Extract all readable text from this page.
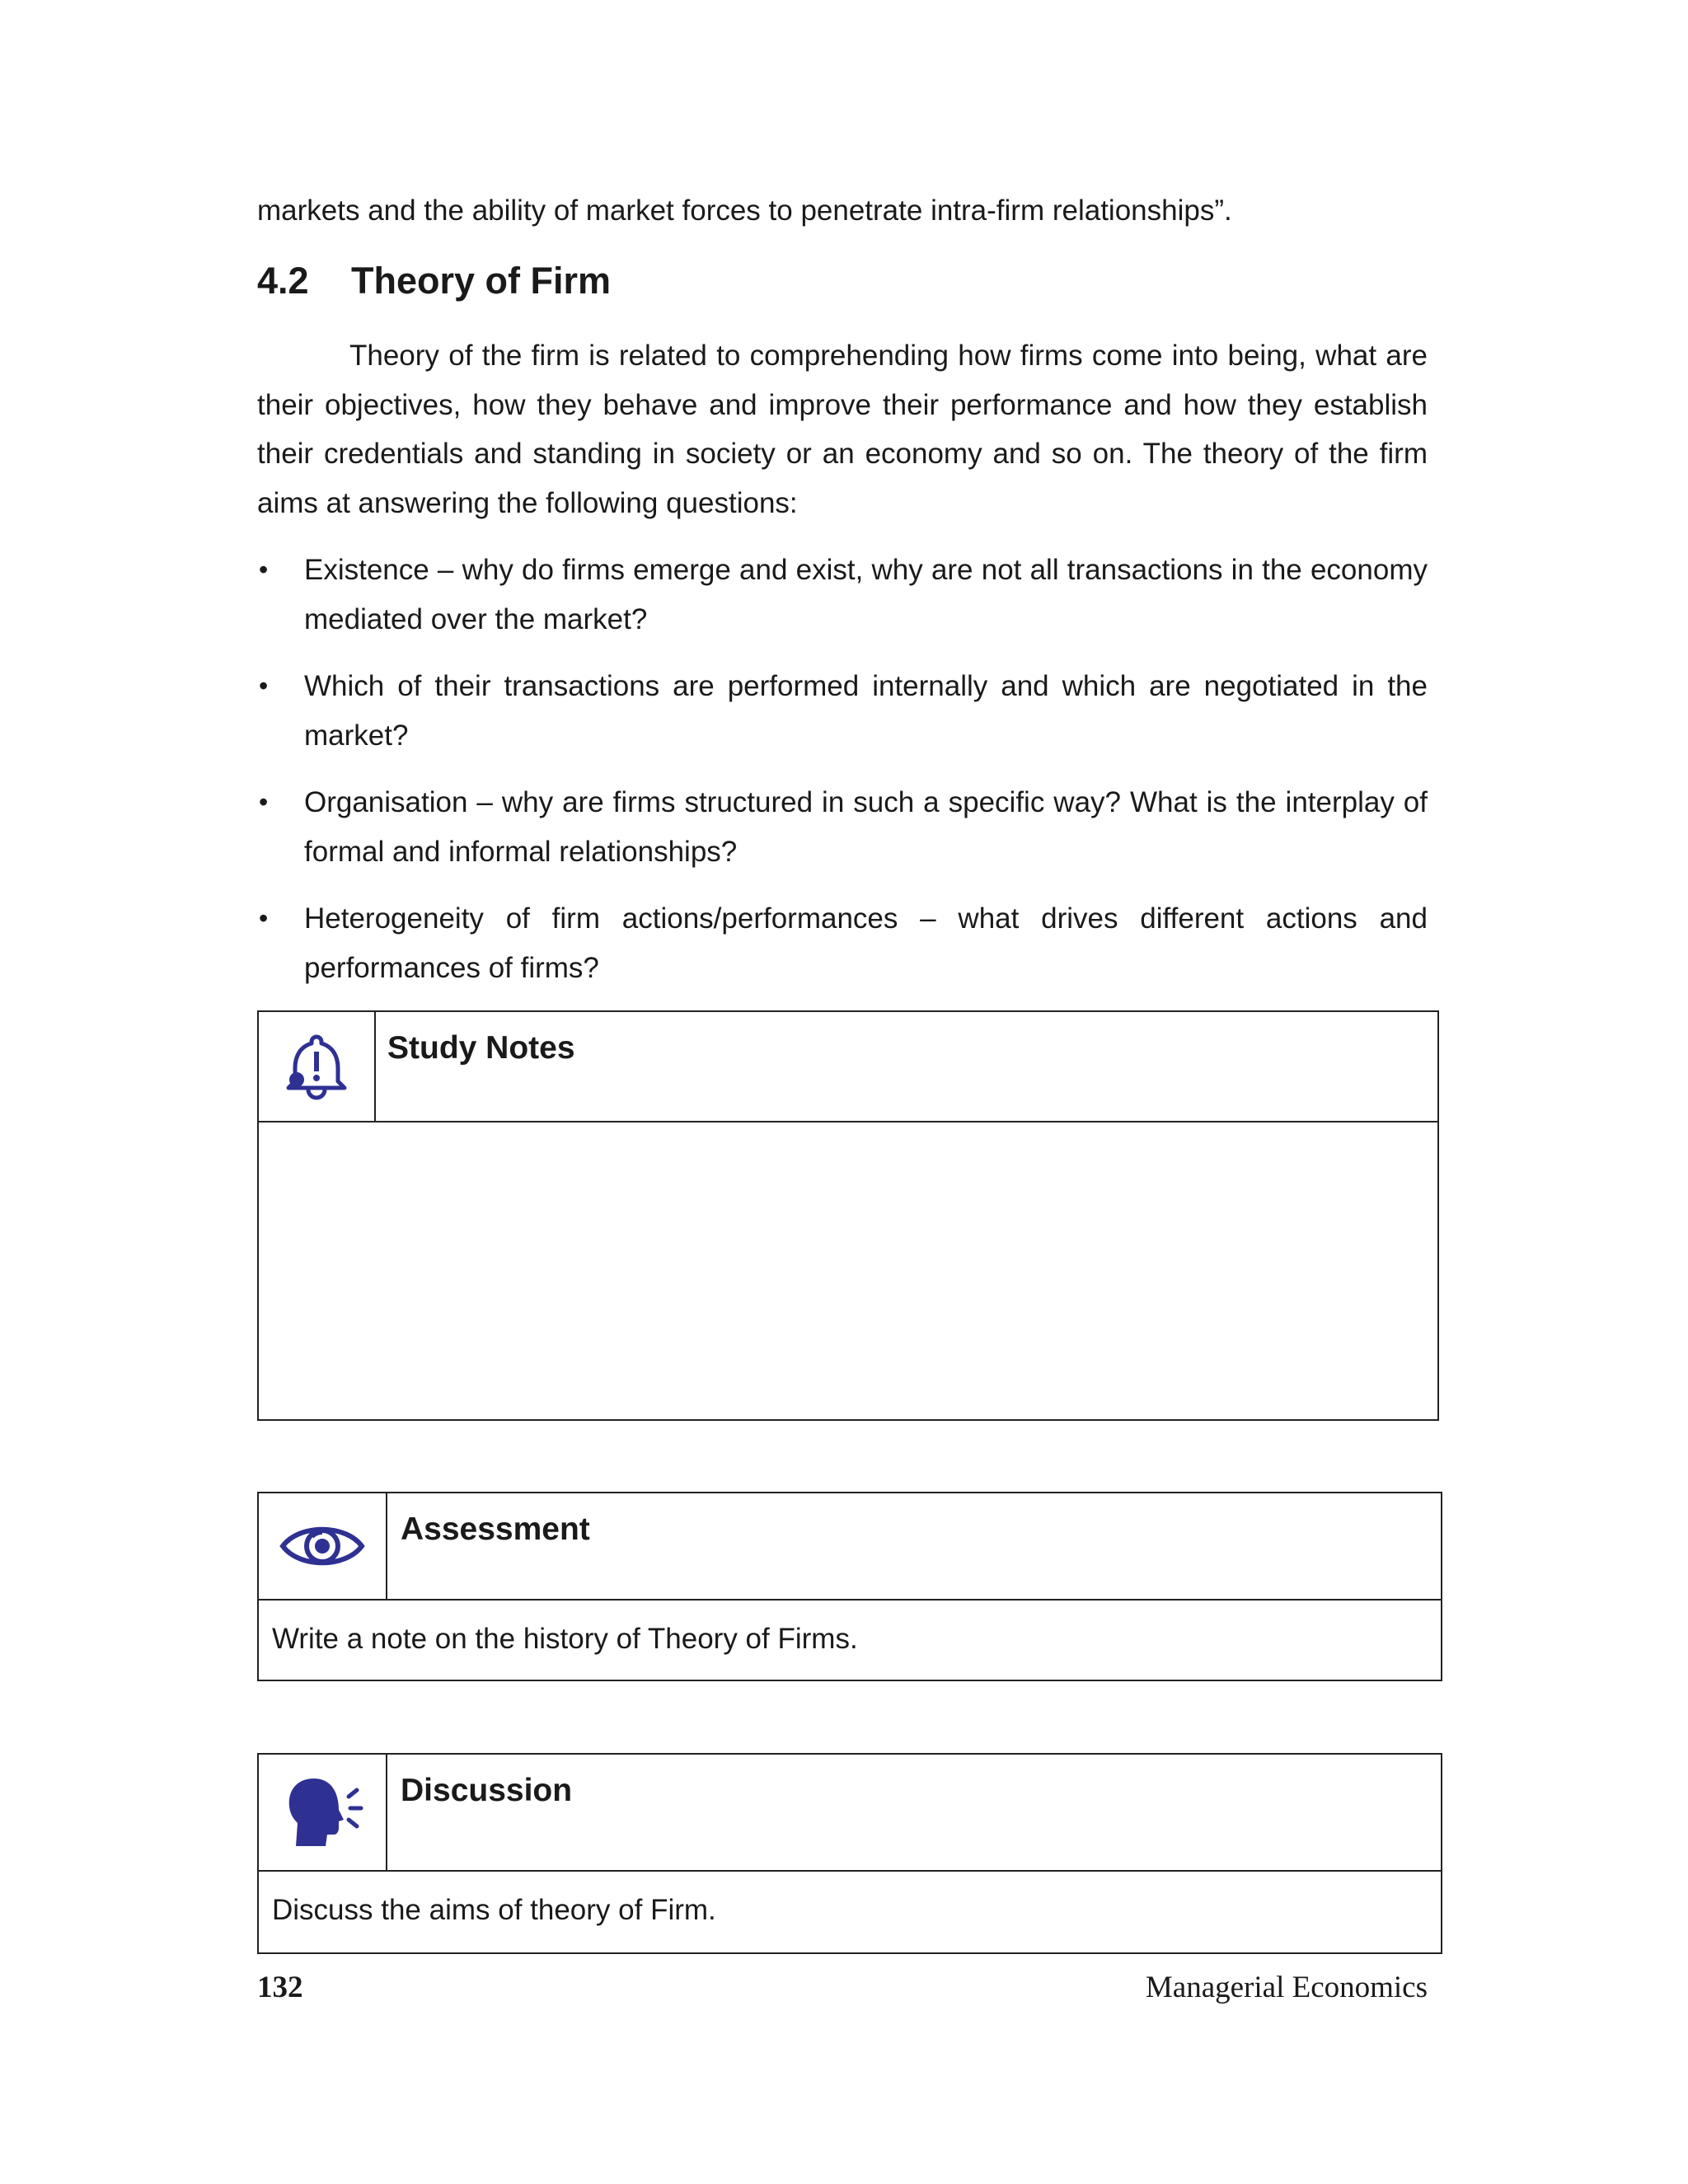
markets and the ability of market forces to penetrate intra-firm relationships”.

4.2 Theory of Firm

Theory of the firm is related to comprehending how firms come into being, what are their objectives, how they behave and improve their performance and how they establish their credentials and standing in society or an economy and so on. The theory of the firm aims at answering the following questions:

• Existence – why do firms emerge and exist, why are not all transactions in the economy mediated over the market?
• Which of their transactions are performed internally and which are negotiated in the market?
• Organisation – why are firms structured in such a specific way? What is the interplay of formal and informal relationships?
• Heterogeneity of firm actions/performances – what drives different actions and performances of firms?
Study Notes
Assessment
Write a note on the history of Theory of Firms.
Discussion
Discuss the aims of theory of Firm.
132	Managerial Economics
